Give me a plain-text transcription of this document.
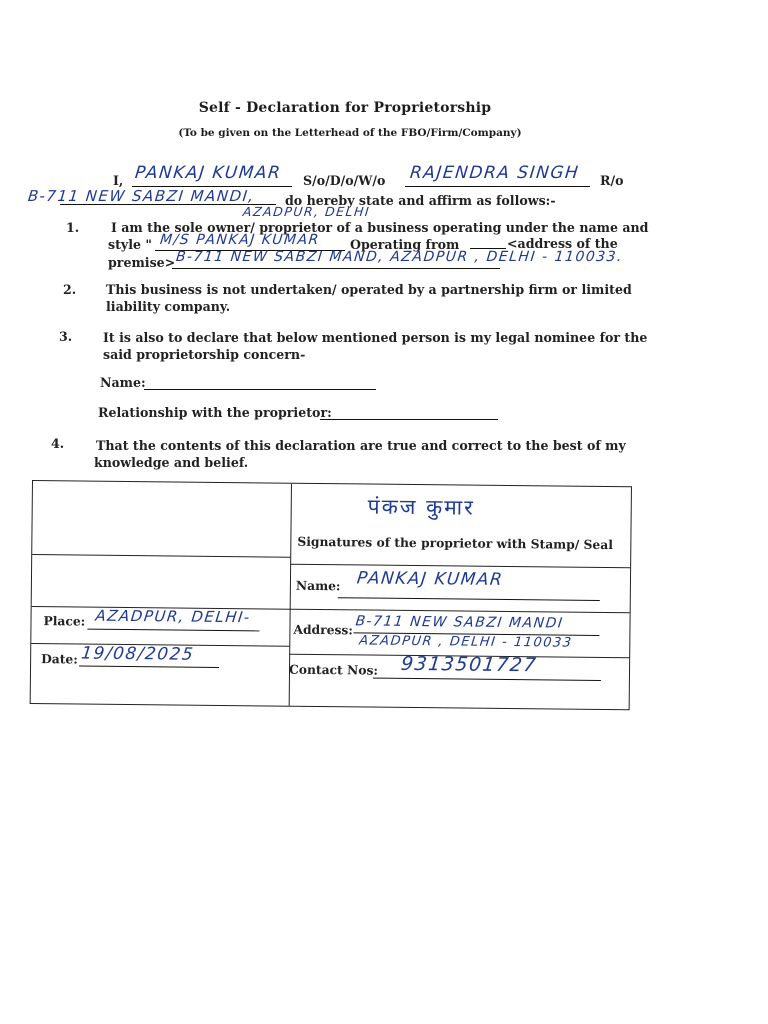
Self - Declaration for Proprietorship
(To be given on the Letterhead of the FBO/Firm/Company)
I, PANKAJ KUMAR S/o/D/o/W/o RAJENDRA SINGH R/o
B-711 NEW SABZI MANDI, do hereby state and affirm as follows:-
AZADPUR, DELHI
1.	I am the sole owner/ proprietor of a business operating under the name and
style " M/S PANKAJ KUMAR Operating from	<address of the
premise> B-711 NEW SABZI MAND, AZADPUR , DELHI - 110033.
2. This business is not undertaken/ operated by a partnership firm or limited
liability company.
3. It is also to declare that below mentioned person is my legal nominee for the
said proprietorship concern-
Name:
Relationship with the proprietor:
4.	That the contents of this declaration are true and correct to the best of my
knowledge and belief.
पंकज कुमार
Signatures of the proprietor with Stamp/ Seal
Name: PANKAJ KUMAR
Place: AZADPUR, DELHI-
Address: B-711 NEW SABZI MANDI
AZADPUR , DELHI - 110033
Date: 19/08/2025
Contact Nos: 9313501727
